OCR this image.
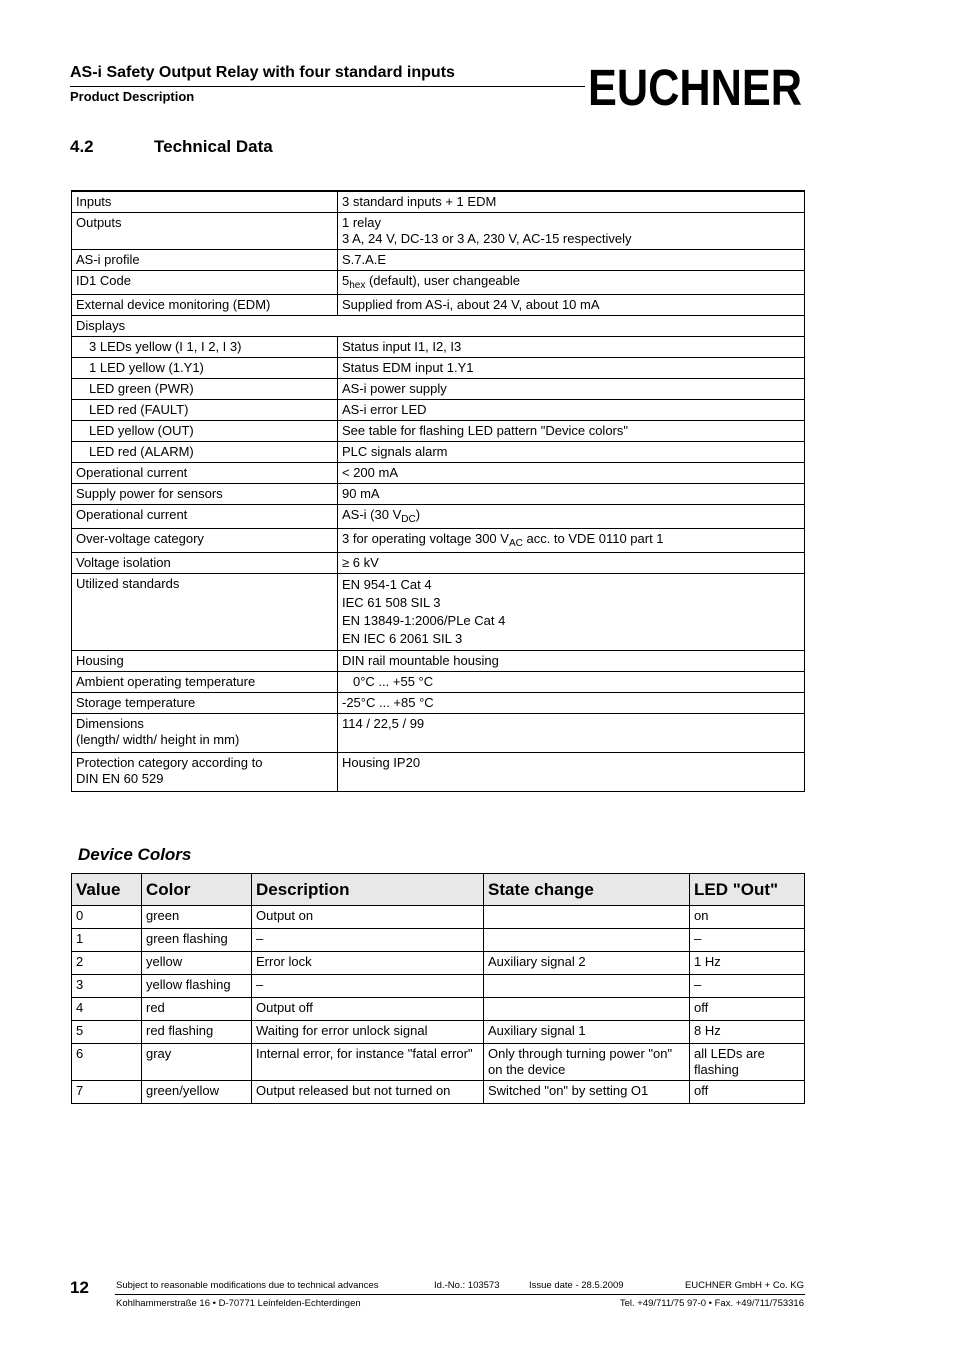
AS-i Safety Output Relay with four standard inputs
Product Description	EUCHNER
4.2	Technical Data
Inputs	3 standard inputs + 1 EDM
Outputs	1 relay
3 A, 24 V, DC-13 or 3 A, 230 V, AC-15 respectively

AS-i profile	S.7.A.E
ID1 Code	$5_{hex}$ (default), user changeable
External device monitoring (EDM)	Supplied from AS-i, about 24 V, about 10 mA
Displays	
3 LEDs yellow (I 1, I 2, I 3)	Status input I1, I2, I3
1 LED yellow (1.Y1)	Status EDM input 1.Y1
LED green (PWR)	AS-i power supply
LED red (FAULT)	AS-i error LED
LED yellow (OUT)	See table for flashing LED pattern "Device colors"
LED red (ALARM)	PLC signals alarm
Operational current	< 200 mA
Supply power for sensors	90 mA
Operational current	AS-i (30 $V_{DC}$)
Over-voltage category	3 for operating voltage 300 $V_{AC}$ acc. to VDE 0110 part 1
Voltage isolation	≥ 6 kV
Utilized standards	EN 954-1 Cat 4
IEC 61 508 SIL 3
EN 13849-1:2006/PLe Cat 4
EN IEC 6 2061 SIL 3

Housing	DIN rail mountable housing
Ambient operating temperature	0°C ... +55 °C
Storage temperature	-25°C ... +85 °C

Dimensions
(length/ width/ height in mm)	114 / 22,5 / 99

Protection category according to
DIN EN 60 529	Housing IP20
Device Colors
Value	Color	Description	State change	LED "Out"
0	green	Output on		on
1	green flashing	–		–
2	yellow	Error lock	Auxiliary signal 2	1 Hz
3	yellow flashing	–		–
4	red	Output off		off
5	red flashing	Waiting for error unlock signal	Auxiliary signal 1	8 Hz
6	gray	Internal error, for instance "fatal error"	Only through turning power "on" on the device	all LEDs are flashing
7	green/yellow	Output released but not turned on	Switched "on" by setting O1	off
12	Subject to reasonable modifications due to technical advances	Id.-No.: 103573	Issue date - 28.5.2009	EUCHNER GmbH + Co. KG
Kohlhammerstraße 16 • D-70771 Leinfelden-Echterdingen	Tel. +49/711/75 97-0 • Fax. +49/711/753316
